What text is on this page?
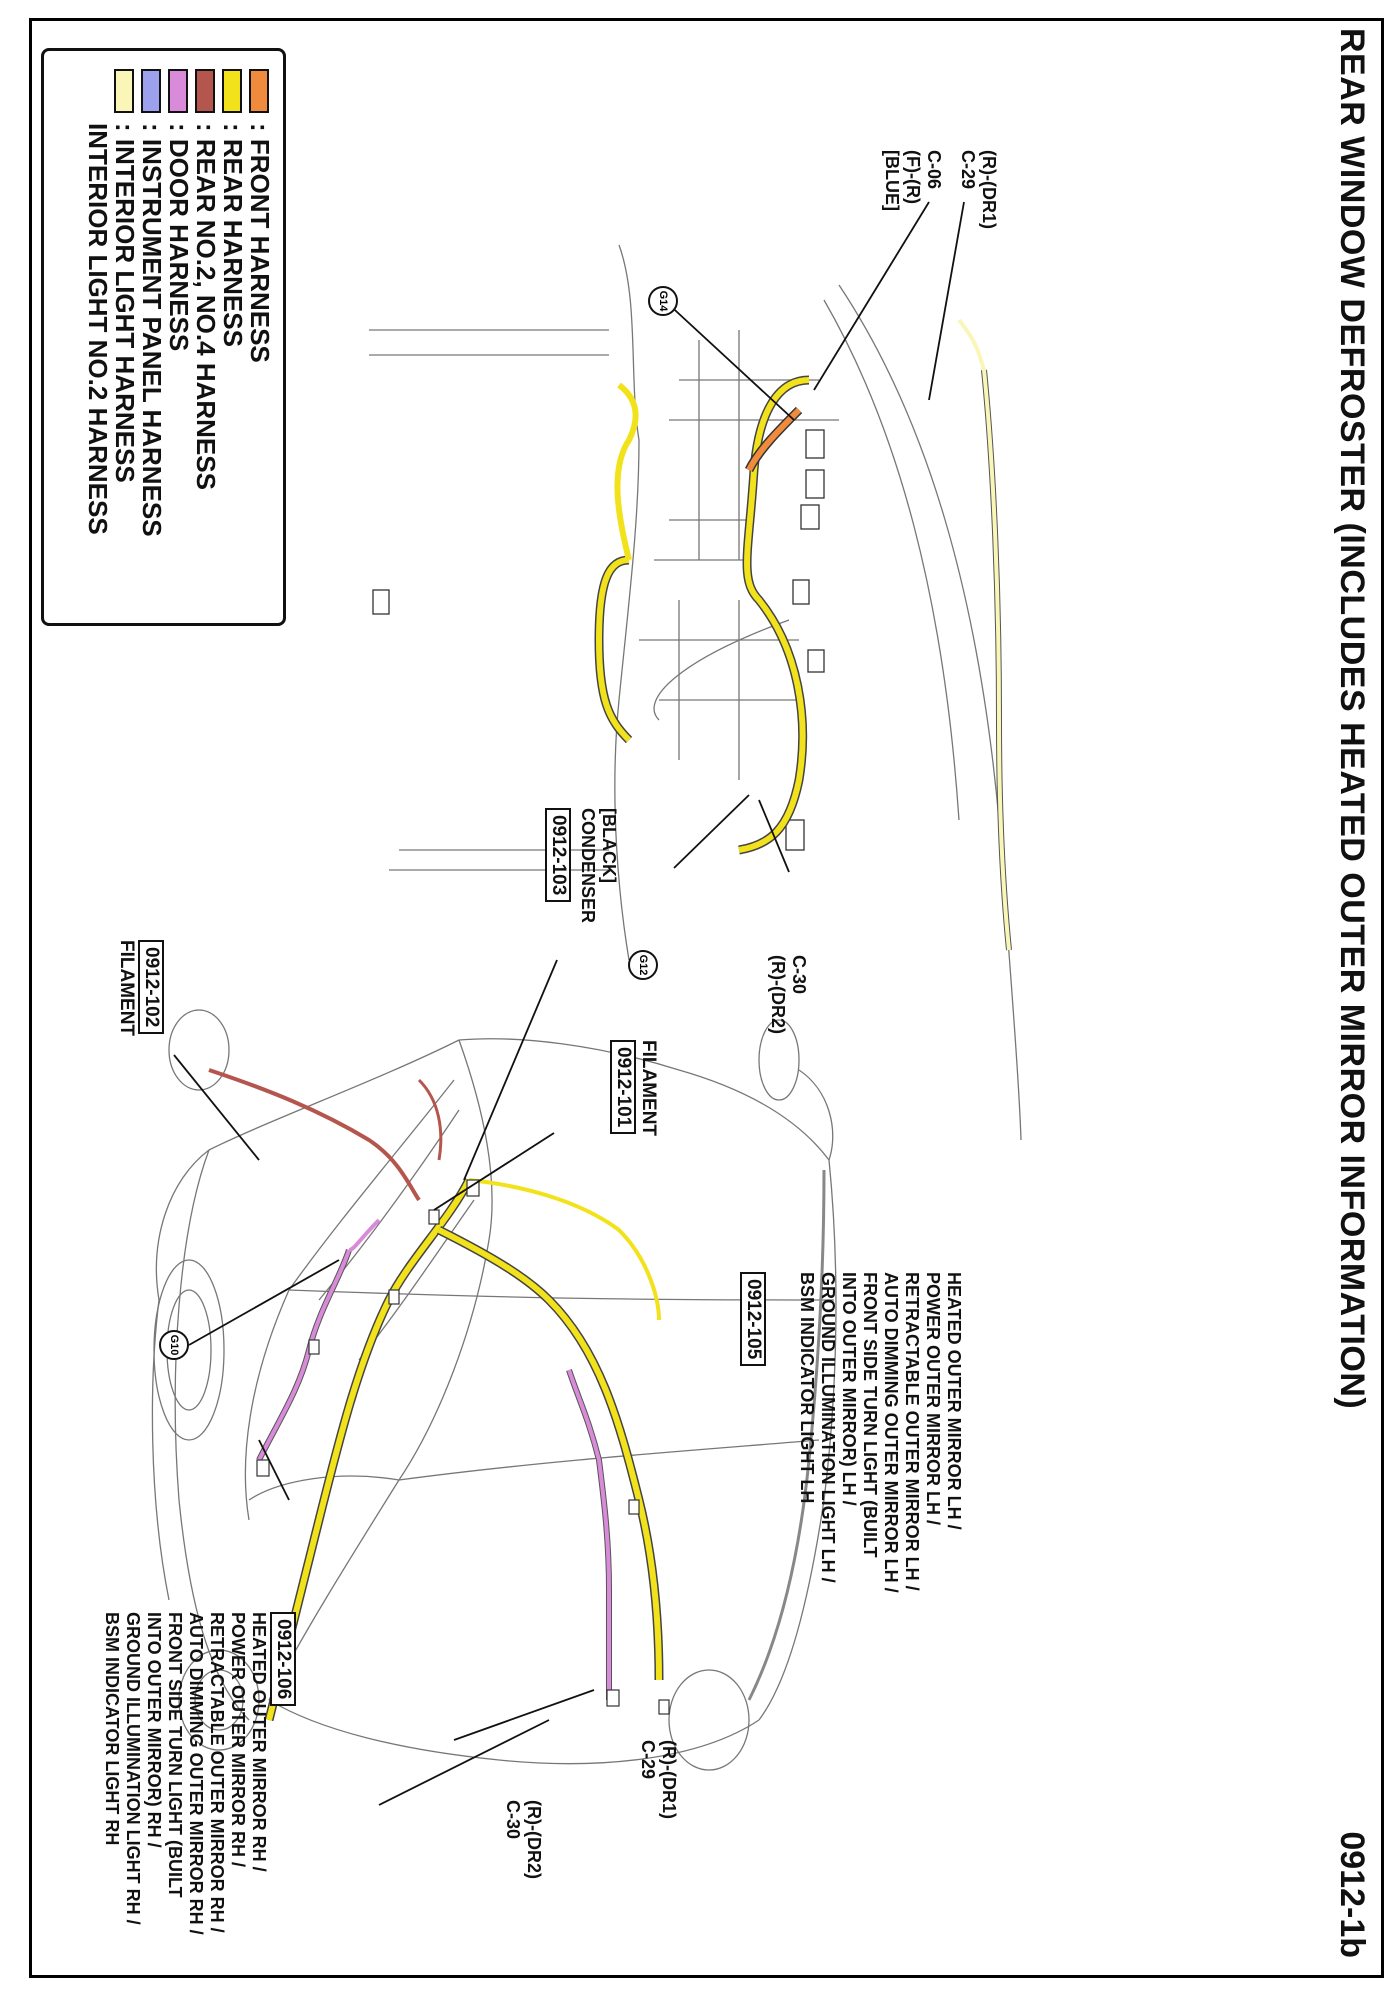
REAR WINDOW DEFROSTER (INCLUDES HEATED OUTER MIRROR INFORMATION)
0912-1b
: FRONT HARNESS
: REAR HARNESS
: REAR NO.2, NO.4 HARNESS
: DOOR HARNESS
: INSTRUMENT PANEL HARNESS
: INTERIOR LIGHT HARNESS
INTERIOR LIGHT NO.2 HARNESS	(R)-(DR1)
C-29
C-06
(F)-(R)
[BLUE]
G14
G12	C-30
(R)-(DR2)
0912-103 [BLACK]
CONDENSER
0912-102
FILAMENT
0912-101 FILAMENT
G10	0912-105	HEATED OUTER MIRROR LH /
POWER OUTER MIRROR LH /
RETRACTABLE OUTER MIRROR LH /
AUTO DIMMING OUTER MIRROR LH /
FRONT SIDE TURN LIGHT (BUILT
INTO OUTER MIRROR) LH /
GROUND ILLUMINATION LIGHT LH /
BSM INDICATOR LIGHT LH
(R)-(DR1)
C-29
0912-106
HEATED OUTER MIRROR RH /
POWER OUTER MIRROR RH /
RETRACTABLE OUTER MIRROR RH /
AUTO DIMMING OUTER MIRROR RH /
FRONT SIDE TURN LIGHT (BUILT
INTO OUTER MIRROR) RH /
GROUND ILLUMINATION LIGHT RH /
BSM INDICATOR LIGHT RH	(R)-(DR2)
C-30
